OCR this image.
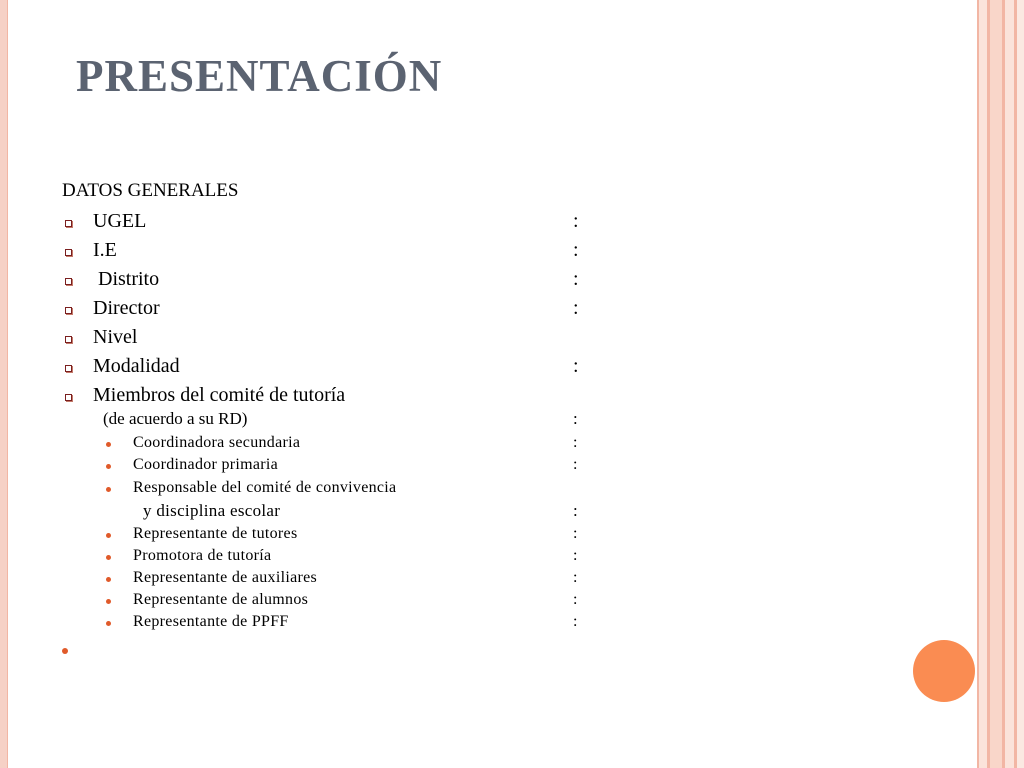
PRESENTACIÓN
DATOS GENERALES
UGEL	:
I.E	:
Distrito	:
Director	:
Nivel
Modalidad	:
Miembros del comité de tutoría
(de acuerdo a su RD)	:
Coordinadora secundaria	:
Coordinador primaria	:
Responsable del comité de convivencia
y disciplina escolar	:
Representante de tutores	:
Promotora de tutoría	:
Representante de auxiliares	:
Representante de alumnos	:
Representante de PPFF	:
